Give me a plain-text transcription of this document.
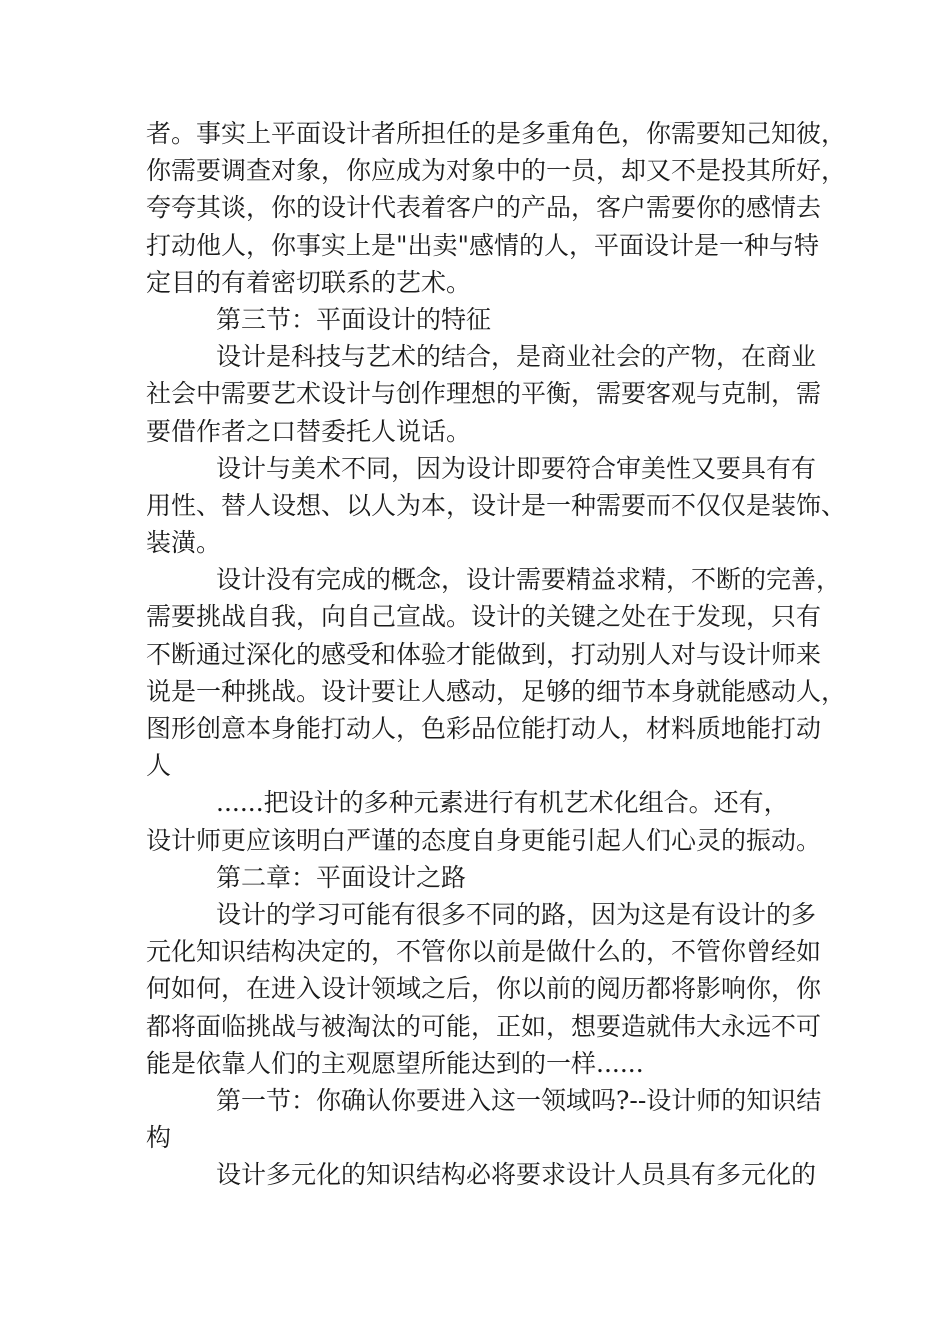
者。事实上平面设计者所担任的是多重角色，你需要知己知彼，
你需要调查对象，你应成为对象中的一员，却又不是投其所好，
夸夸其谈，你的设计代表着客户的产品，客户需要你的感情去
打动他人，你事实上是"出卖"感情的人，平面设计是一种与特
定目的有着密切联系的艺术。
第三节：平面设计的特征
设计是科技与艺术的结合，是商业社会的产物，在商业
社会中需要艺术设计与创作理想的平衡，需要客观与克制，需
要借作者之口替委托人说话。
设计与美术不同，因为设计即要符合审美性又要具有有
用性、替人设想、以人为本，设计是一种需要而不仅仅是装饰、
装潢。
设计没有完成的概念，设计需要精益求精，不断的完善，
需要挑战自我，向自己宣战。设计的关键之处在于发现，只有
不断通过深化的感受和体验才能做到，打动别人对与设计师来
说是一种挑战。设计要让人感动，足够的细节本身就能感动人，
图形创意本身能打动人，色彩品位能打动人，材料质地能打动
人
......把设计的多种元素进行有机艺术化组合。还有，
设计师更应该明白严谨的态度自身更能引起人们心灵的振动。
第二章：平面设计之路
设计的学习可能有很多不同的路，因为这是有设计的多
元化知识结构决定的，不管你以前是做什么的，不管你曾经如
何如何，在进入设计领域之后，你以前的阅历都将影响你，你
都将面临挑战与被淘汰的可能，正如，想要造就伟大永远不可
能是依靠人们的主观愿望所能达到的一样......
第一节：你确认你要进入这一领域吗?--设计师的知识结
构
设计多元化的知识结构必将要求设计人员具有多元化的
